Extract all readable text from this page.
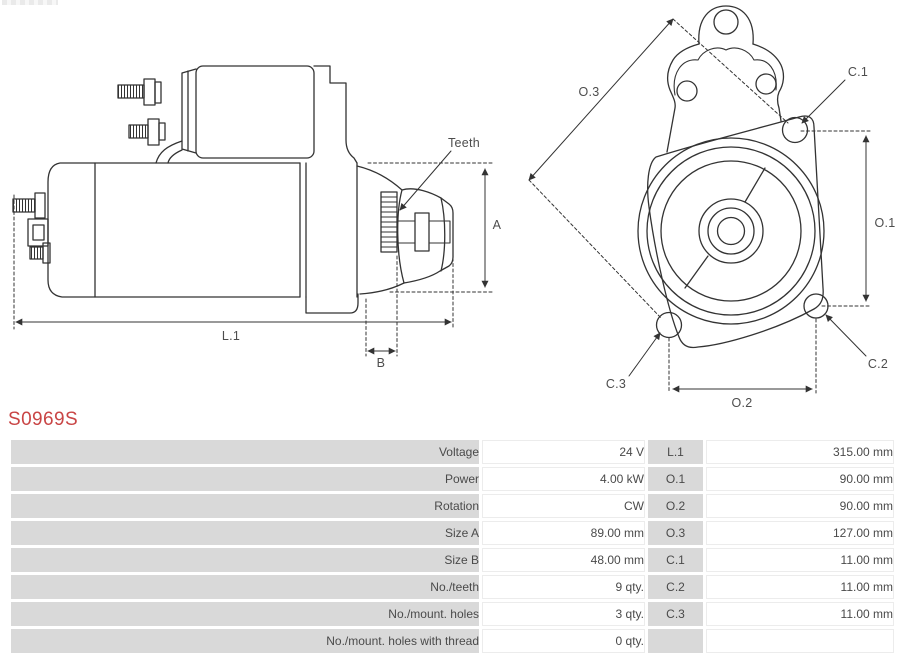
Teeth
A
B
L.1
O.3
C.1
O.1
C.2
C.3
O.2
S0969S
Voltage	24 V	L.1	315.00 mm
Power	4.00 kW	O.1	90.00 mm
Rotation	CW	O.2	90.00 mm
Size A	89.00 mm	O.3	127.00 mm
Size B	48.00 mm	C.1	11.00 mm
No./teeth	9 qty.	C.2	11.00 mm
No./mount. holes	3 qty.	C.3	11.00 mm
No./mount. holes with thread	0 qty.		
